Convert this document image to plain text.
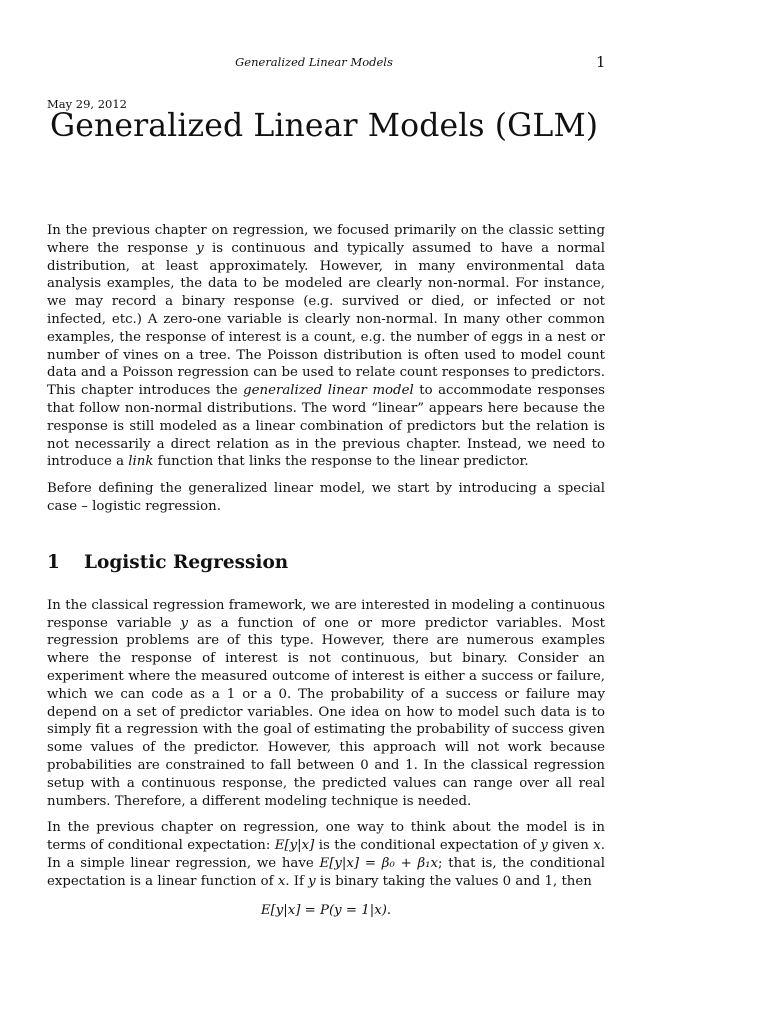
Generalized Linear Models	1
May 29, 2012
Generalized Linear Models (GLM)

In the previous chapter on regression, we focused primarily on the classic setting where the response y is continuous and typically assumed to have a normal distribution, at least approximately. However, in many environmental data analysis examples, the data to be modeled are clearly non-normal. For instance, we may record a binary response (e.g. survived or died, or infected or not infected, etc.) A zero-one variable is clearly non-normal. In many other common examples, the response of interest is a count, e.g. the number of eggs in a nest or number of vines on a tree. The Poisson distribution is often used to model count data and a Poisson regression can be used to relate count responses to predictors. This chapter introduces the generalized linear model to accommodate responses that follow non-normal distributions. The word “linear” appears here because the response is still modeled as a linear combination of predictors but the relation is not necessarily a direct relation as in the previous chapter. Instead, we need to introduce a link function that links the response to the linear predictor.

Before defining the generalized linear model, we start by introducing a special case – logistic regression.

1	Logistic Regression

In the classical regression framework, we are interested in modeling a continuous response variable y as a function of one or more predictor variables. Most regression problems are of this type. However, there are numerous examples where the response of interest is not continuous, but binary. Consider an experiment where the measured outcome of interest is either a success or failure, which we can code as a 1 or a 0. The probability of a success or failure may depend on a set of predictor variables. One idea on how to model such data is to simply fit a regression with the goal of estimating the probability of success given some values of the predictor. However, this approach will not work because probabilities are constrained to fall between 0 and 1. In the classical regression setup with a continuous response, the predicted values can range over all real numbers. Therefore, a different modeling technique is needed.

In the previous chapter on regression, one way to think about the model is in terms of conditional expectation: E[y|x] is the conditional expectation of y given x. In a simple linear regression, we have E[y|x] = β₀ + β₁x; that is, the conditional expectation is a linear function of x. If y is binary taking the values 0 and 1, then

E[y|x] = P(y = 1|x).
